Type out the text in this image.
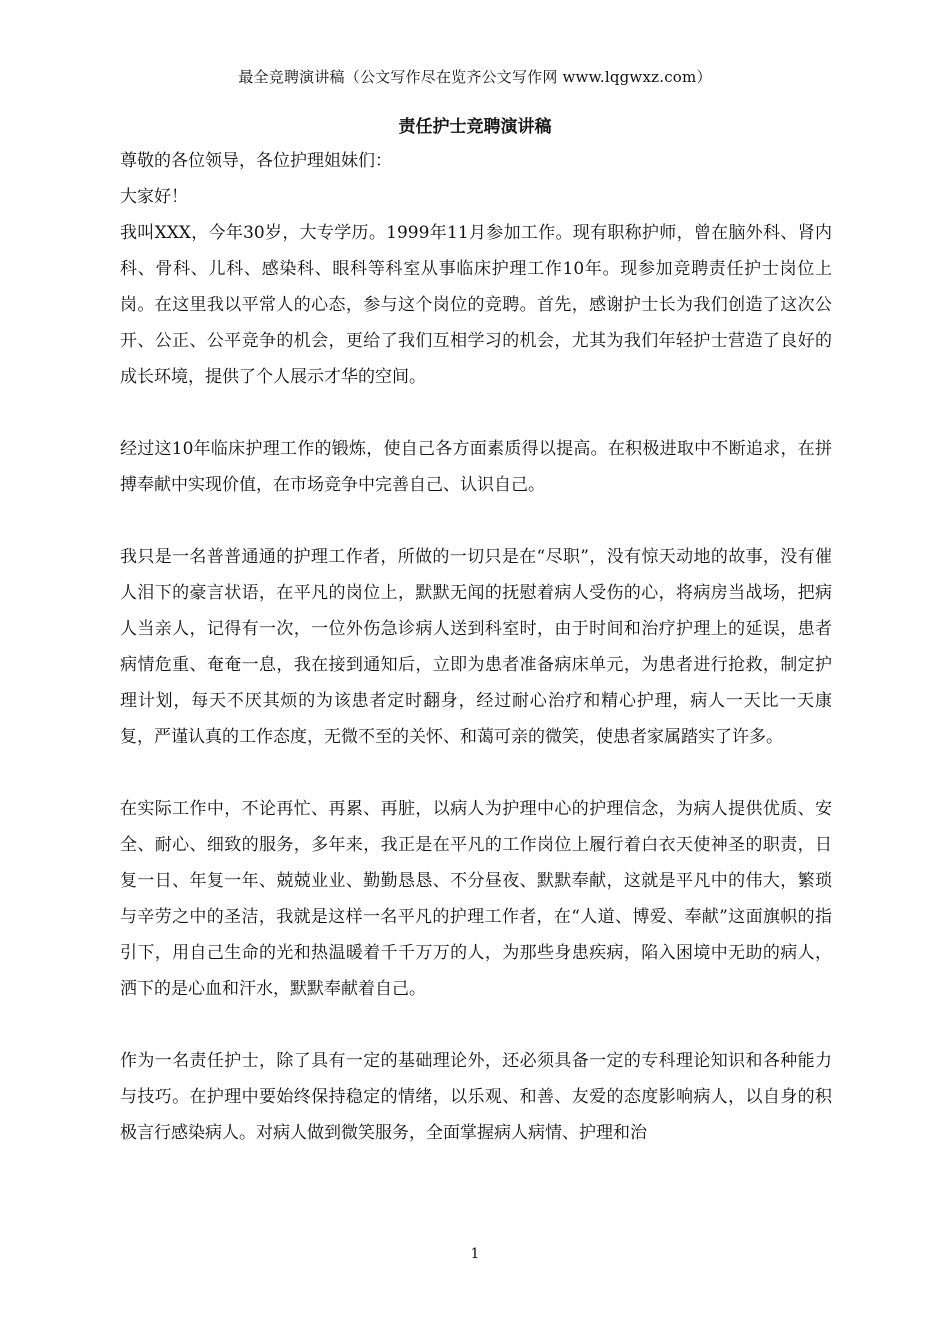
最全竞聘演讲稿（公文写作尽在览齐公文写作网 www.lqgwxz.com）
责任护士竞聘演讲稿

尊敬的各位领导，各位护理姐妹们：

大家好！

我叫XXX，今年30岁，大专学历。1999年11月参加工作。现有职称护师，曾在脑外科、肾内科、骨科、儿科、感染科、眼科等科室从事临床护理工作10年。现参加竞聘责任护士岗位上岗。在这里我以平常人的心态，参与这个岗位的竞聘。首先，感谢护士长为我们创造了这次公开、公正、公平竞争的机会，更给了我们互相学习的机会，尤其为我们年轻护士营造了良好的成长环境，提供了个人展示才华的空间。

经过这10年临床护理工作的锻炼，使自己各方面素质得以提高。在积极进取中不断追求，在拼搏奉献中实现价值，在市场竞争中完善自己、认识自己。

我只是一名普普通通的护理工作者，所做的一切只是在“尽职”，没有惊天动地的故事，没有催人泪下的豪言状语，在平凡的岗位上，默默无闻的抚慰着病人受伤的心，将病房当战场，把病人当亲人，记得有一次，一位外伤急诊病人送到科室时，由于时间和治疗护理上的延误，患者病情危重、奄奄一息，我在接到通知后，立即为患者准备病床单元，为患者进行抢救，制定护理计划，每天不厌其烦的为该患者定时翻身，经过耐心治疗和精心护理，病人一天比一天康复，严谨认真的工作态度，无微不至的关怀、和蔼可亲的微笑，使患者家属踏实了许多。

在实际工作中，不论再忙、再累、再脏，以病人为护理中心的护理信念，为病人提供优质、安全、耐心、细致的服务，多年来，我正是在平凡的工作岗位上履行着白衣天使神圣的职责，日复一日、年复一年、兢兢业业、勤勤恳恳、不分昼夜、默默奉献，这就是平凡中的伟大，繁琐与辛劳之中的圣洁，我就是这样一名平凡的护理工作者，在“人道、博爱、奉献”这面旗帜的指引下，用自己生命的光和热温暖着千千万万的人，为那些身患疾病，陷入困境中无助的病人，洒下的是心血和汗水，默默奉献着自己。

作为一名责任护士，除了具有一定的基础理论外，还必须具备一定的专科理论知识和各种能力与技巧。在护理中要始终保持稳定的情绪，以乐观、和善、友爱的态度影响病人，以自身的积极言行感染病人。对病人做到微笑服务，全面掌握病人病情、护理和治

1
